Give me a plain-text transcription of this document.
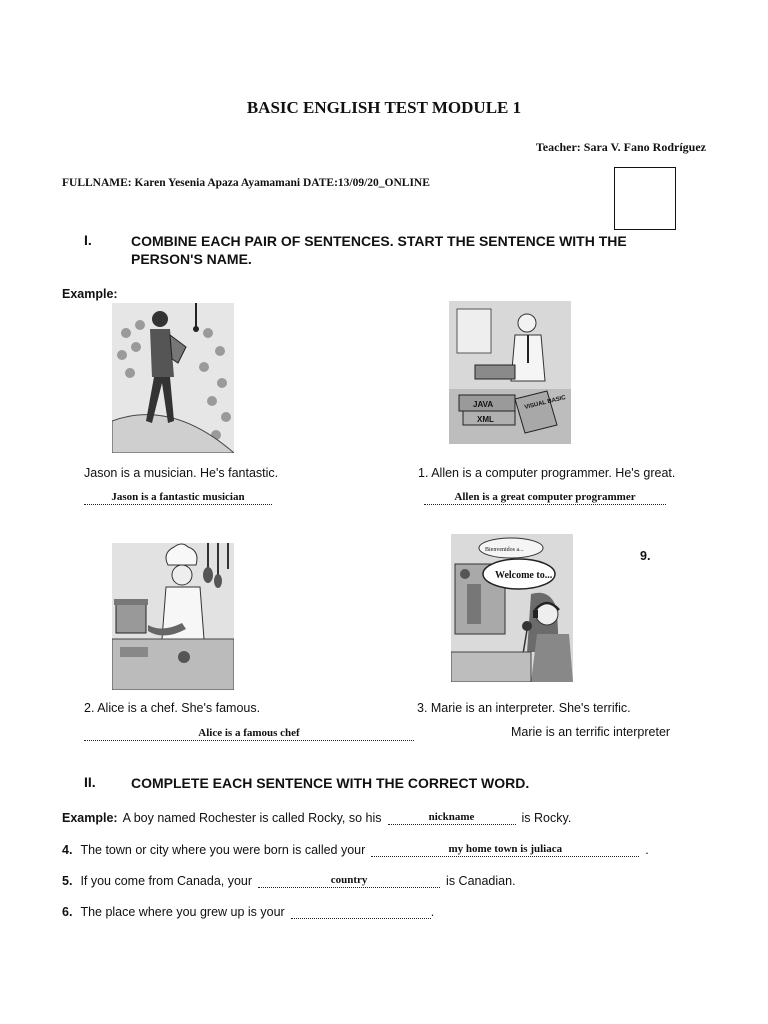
BASIC ENGLISH TEST MODULE 1
Teacher: Sara V. Fano Rodríguez
FULLNAME: Karen Yesenia Apaza Ayamamani DATE:13/09/20_ONLINE
I.	COMBINE EACH PAIR OF SENTENCES. START THE SENTENCE WITH THE PERSON'S NAME.
Example:
JAVA
XML
VISUAL BASIC
Jason is a musician. He's fantastic.
Jason is a fantastic musician
1. Allen is a computer programmer. He's great.
Allen is a great computer programmer
Bienvenidos a...
Welcome to...
9.
2. Alice is a chef. She's famous.
Alice is a famous chef
3. Marie is an interpreter. She's terrific.
Marie is an terrific interpreter
II.	COMPLETE EACH SENTENCE WITH THE CORRECT WORD.
Example: A boy named Rochester is called Rocky, so his	nickname	is Rocky.
4. The town or city where you were born is called your	my home town is juliaca	.
5. If you come from Canada, your	country	is Canadian.
6. The place where you grew up is your	.
